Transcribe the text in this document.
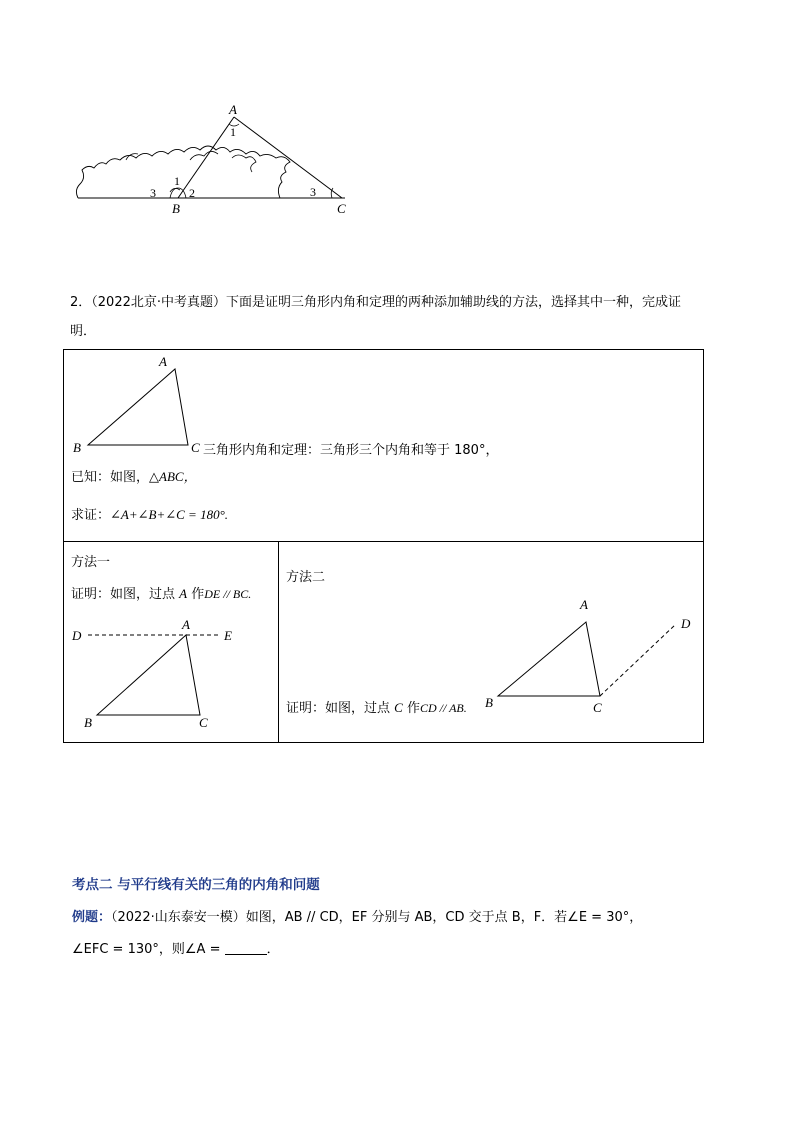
A
1
1
2
3	3
B	C
2．（2022北京·中考真题）下面是证明三角形内角和定理的两种添加辅助线的方法，选择其中一种，完成证
明．
A
B	C 三角形内角和定理：三角形三个内角和等于 180°，
已知：如图，△ABC，
求证：∠A+∠B+∠C = 180°.
方法一
证明：如图，过点 A 作DE // BC.
D	E
A
B	C
方法二
A
B	C
D
证明：如图，过点 C 作CD // AB.
考点二 与平行线有关的三角的内角和问题
例题：（2022·山东泰安一模）如图，AB // CD，EF 分别与 AB，CD 交于点 B，F．若∠E = 30°，
∠EFC = 130°，则∠A =	．
